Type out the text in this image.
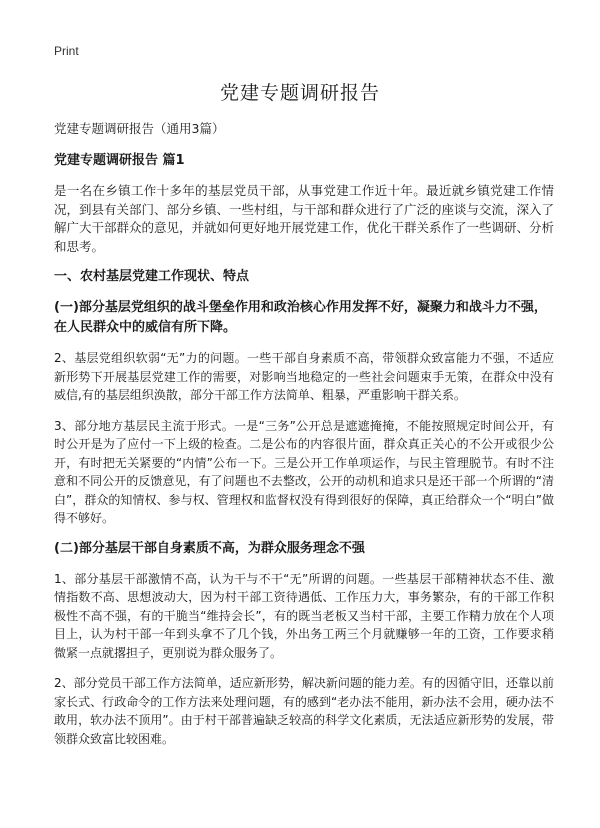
Print
党建专题调研报告

党建专题调研报告（通用3篇）

党建专题调研报告 篇1

是一名在乡镇工作十多年的基层党员干部，从事党建工作近十年。最近就乡镇党建工作情况，到县有关部门、部分乡镇、一些村组，与干部和群众进行了广泛的座谈与交流，深入了解广大干部群众的意见，并就如何更好地开展党建工作，优化干群关系作了一些调研、分析和思考。

一、农村基层党建工作现状、特点

(一)部分基层党组织的战斗堡垒作用和政治核心作用发挥不好，凝聚力和战斗力不强，在人民群众中的威信有所下降。

2、基层党组织软弱“无”力的问题。一些干部自身素质不高，带领群众致富能力不强，不适应新形势下开展基层党建工作的需要，对影响当地稳定的一些社会问题束手无策，在群众中没有威信,有的基层组织涣散，部分干部工作方法简单、粗暴，严重影响干群关系。

3、部分地方基层民主流于形式。一是“三务”公开总是遮遮掩掩，不能按照规定时间公开，有时公开是为了应付一下上级的检查。二是公布的内容很片面，群众真正关心的不公开或很少公开，有时把无关紧要的“内情”公布一下。三是公开工作单项运作，与民主管理脱节。有时不注意和不同公开的反馈意见，有了问题也不去整改，公开的动机和追求只是还干部一个所谓的“清白”，群众的知情权、参与权、管理权和监督权没有得到很好的保障，真正给群众一个“明白”做得不够好。

(二)部分基层干部自身素质不高，为群众服务理念不强

1、部分基层干部激情不高，认为干与不干“无”所谓的问题。一些基层干部精神状态不佳、激情指数不高、思想波动大，因为村干部工资待遇低、工作压力大，事务繁杂，有的干部工作积极性不高不强，有的干脆当“维持会长”，有的既当老板又当村干部，主要工作精力放在个人项目上，认为村干部一年到头拿不了几个钱，外出务工两三个月就赚够一年的工资，工作要求稍微紧一点就撂担子，更别说为群众服务了。

2、部分党员干部工作方法简单，适应新形势，解决新问题的能力差。有的因循守旧，还靠以前家长式、行政命令的工作方法来处理问题，有的感到“老办法不能用，新办法不会用，硬办法不敢用，软办法不顶用”。由于村干部普遍缺乏较高的科学文化素质，无法适应新形势的发展，带领群众致富比较困难。
